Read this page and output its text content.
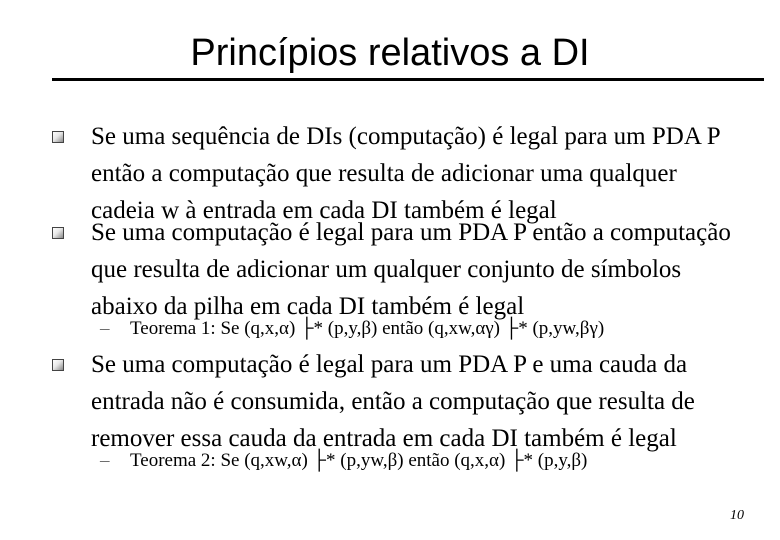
Princípios relativos a DI
Se uma sequência de DIs (computação) é legal para um PDA P então a computação que resulta de adicionar uma qualquer cadeia w à entrada em cada DI também é legal
Se uma computação é legal para um PDA P então a computação que resulta de adicionar um qualquer conjunto de símbolos abaixo da pilha em cada DI também é legal
– Teorema 1: Se (q,x,α) ├* (p,y,β) então (q,xw,αγ) ├* (p,yw,βγ)
Se uma computação é legal para um PDA P e uma cauda da entrada não é consumida, então a computação que resulta de remover essa cauda da entrada em cada DI também é legal
– Teorema 2: Se (q,xw,α) ├* (p,yw,β) então (q,x,α) ├* (p,y,β)
10
